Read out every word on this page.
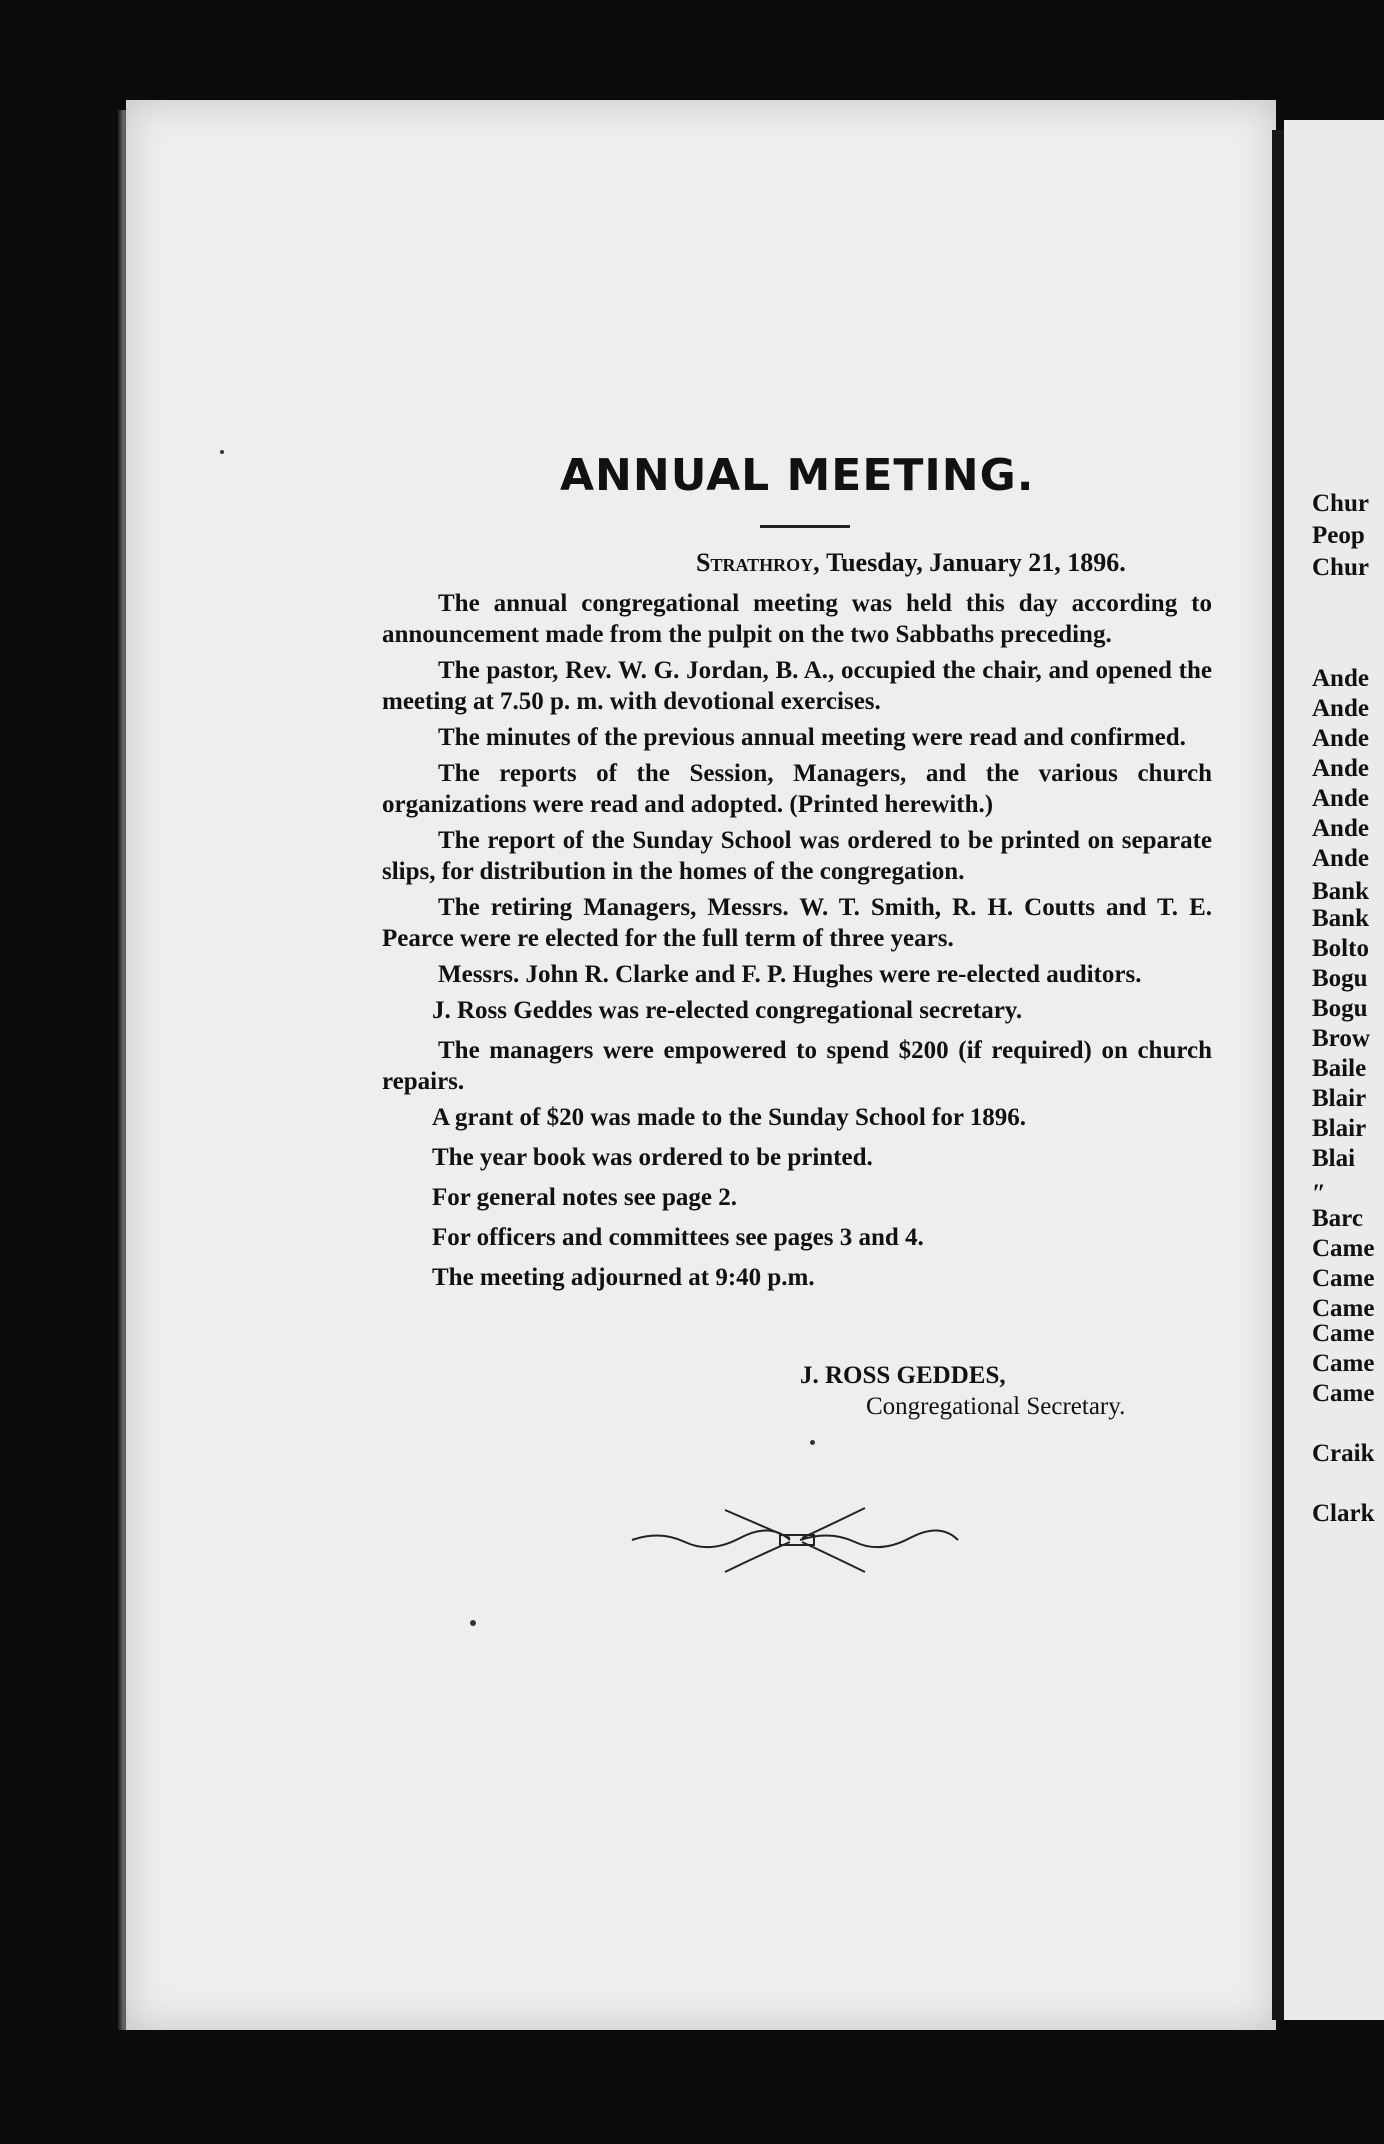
ANNUAL MEETING.
Strathroy, Tuesday, January 21, 1896.

The annual congregational meeting was held this day according to announcement made from the pulpit on the two Sabbaths preceding.

The pastor, Rev. W. G. Jordan, B. A., occupied the chair, and opened the meeting at 7.50 p. m. with devotional exercises.

The minutes of the previous annual meeting were read and confirmed.

The reports of the Session, Managers, and the various church organizations were read and adopted. (Printed herewith.)

The report of the Sunday School was ordered to be printed on separate slips, for distribution in the homes of the congregation.

The retiring Managers, Messrs. W. T. Smith, R. H. Coutts and T. E. Pearce were re elected for the full term of three years.

Messrs. John R. Clarke and F. P. Hughes were re-elected auditors.

J. Ross Geddes was re-elected congregational secretary.

The managers were empowered to spend $200 (if required) on church repairs.

A grant of $20 was made to the Sunday School for 1896.

The year book was ordered to be printed.

For general notes see page 2.

For officers and committees see pages 3 and 4.

The meeting adjourned at 9:40 p.m.

J. ROSS GEDDES,
Congregational Secretary.
Chur
Peop
Chur
Ande
Ande
Ande
Ande
Ande
Ande
Ande
Bank
Bank
Bolto
Bogu
Bogu
Brow
Baile
Blair
Blair
Blai
″
Barc
Came
Came
Came
Came
Came
Came
Craik
Clark
